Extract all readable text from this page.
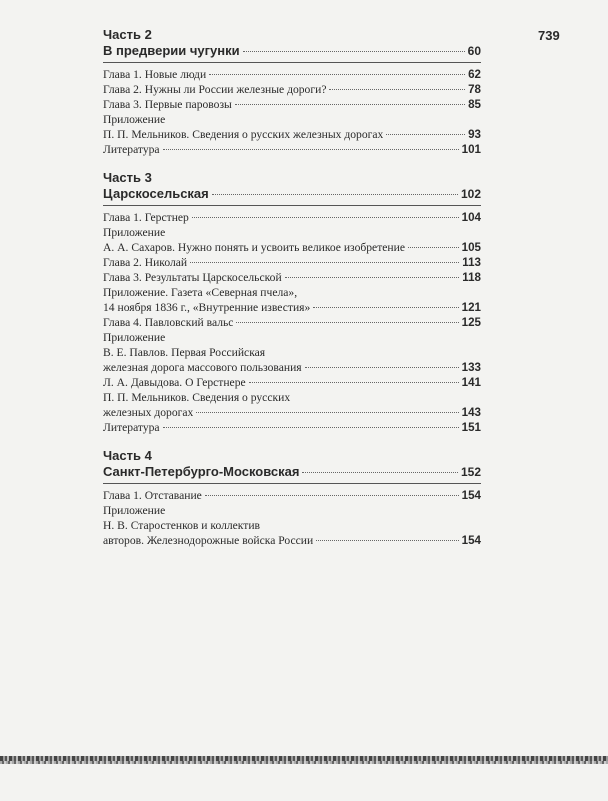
739
Часть 2
В предверии чугунки	60
Глава 1. Новые люди	62
Глава 2. Нужны ли России железные дороги?	78
Глава 3. Первые паровозы	85
Приложение
П. П. Мельников. Сведения о русских железных дорогах	93
Литература	101
Часть 3
Царскосельская	102
Глава 1. Герстнер	104
Приложение
А. А. Сахаров. Нужно понять и усвоить великое изобретение	105
Глава 2. Николай	113
Глава 3. Результаты Царскосельской	118
Приложение. Газета «Северная пчела»,
14 ноября 1836 г., «Внутренние известия»	121
Глава 4. Павловский вальс	125
Приложение
В. Е. Павлов. Первая Российская
железная дорога массового пользования	133
Л. А. Давыдова. О Герстнере	141
П. П. Мельников. Сведения о русских
железных дорогах	143
Литература	151
Часть 4
Санкт-Петербурго-Московская	152
Глава 1. Отставание	154
Приложение
Н. В. Старостенков и коллектив
авторов. Железнодорожные войска России	154
